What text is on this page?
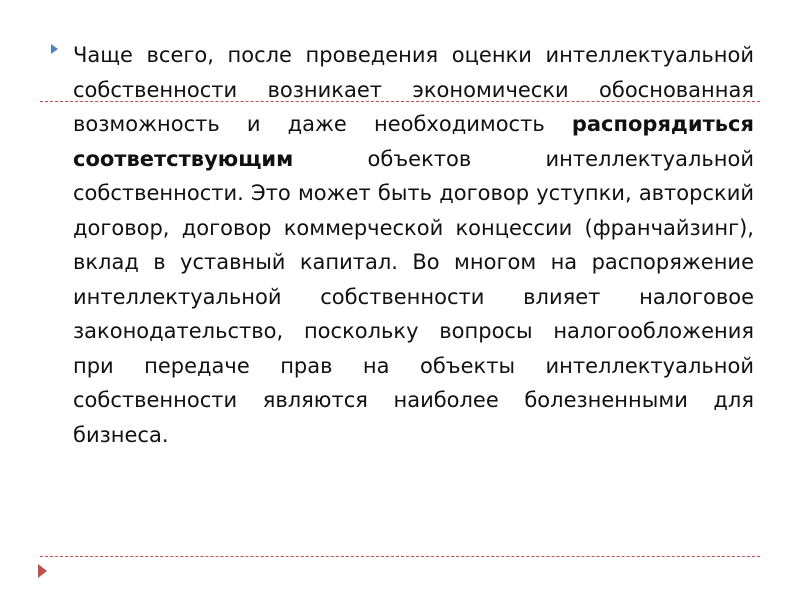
Чаще всего, после проведения оценки интеллектуальной собственности возникает экономически обоснованная возможность и даже необходимость распорядиться соответствующим объектов интеллектуальной собственности. Это может быть договор уступки, авторский договор, договор коммерческой концессии (франчайзинг), вклад в уставный капитал. Во многом на распоряжение интеллектуальной собственности влияет налоговое законодательство, поскольку вопросы налогообложения при передаче прав на объекты интеллектуальной собственности являются наиболее болезненными для бизнеса.
